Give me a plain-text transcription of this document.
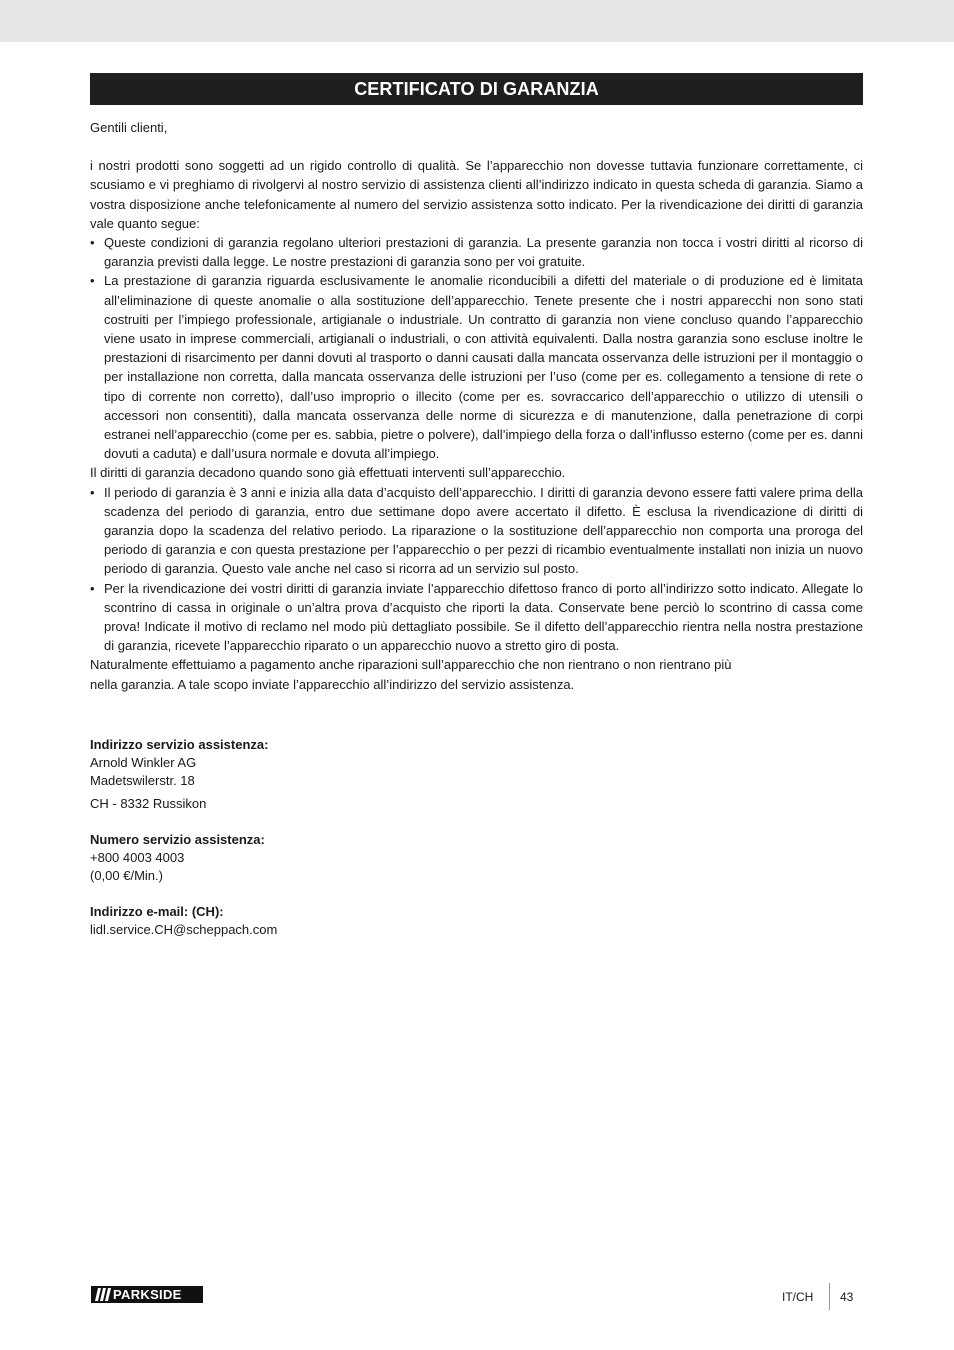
CERTIFICATO DI GARANZIA

Gentili clienti,

i nostri prodotti sono soggetti ad un rigido controllo di qualità. Se l’apparecchio non dovesse tuttavia funzionare correttamente, ci scusiamo e vi preghiamo di rivolgervi al nostro servizio di assistenza clienti all’indirizzo indicato in questa scheda di garanzia. Siamo a vostra disposizione anche telefonicamente al numero del servizio assistenza sotto indicato. Per la rivendicazione dei diritti di garanzia vale quanto segue:

• Queste condizioni di garanzia regolano ulteriori prestazioni di garanzia. La presente garanzia non tocca i vostri diritti al ricorso di garanzia previsti dalla legge. Le nostre prestazioni di garanzia sono per voi gratuite.
• La prestazione di garanzia riguarda esclusivamente le anomalie riconducibili a difetti del materiale o di produzione ed è limitata all’eliminazione di queste anomalie o alla sostituzione dell’apparecchio. Tenete presente che i nostri apparecchi non sono stati costruiti per l’impiego professionale, artigianale o industriale. Un contratto di garanzia non viene concluso quando l’apparecchio viene usato in imprese commerciali, artigianali o industriali, o con attività equivalenti. Dalla nostra garanzia sono escluse inoltre le prestazioni di risarcimento per danni dovuti al trasporto o danni causati dalla mancata osservanza delle istruzioni per il montaggio o per installazione non corretta, dalla mancata osservanza delle istruzioni per l’uso (come per es. collegamento a tensione di rete o tipo di corrente non corretto), dall’uso improprio o illecito (come per es. sovraccarico dell’apparecchio o utilizzo di utensili o accessori non consentiti), dalla mancata osservanza delle norme di sicurezza e di manutenzione, dalla penetrazione di corpi estranei nell’apparecchio (come per es. sabbia, pietre o polvere), dall’impiego della forza o dall’influsso esterno (come per es. danni dovuti a caduta) e dall’usura normale e dovuta all’impiego.

Il diritti di garanzia decadono quando sono già effettuati interventi sull’apparecchio.

• Il periodo di garanzia è 3 anni e inizia alla data d’acquisto dell’apparecchio. I diritti di garanzia devono essere fatti valere prima della scadenza del periodo di garanzia, entro due settimane dopo avere accertato il difetto. È esclusa la rivendicazione di diritti di garanzia dopo la scadenza del relativo periodo. La riparazione o la sostituzione dell’apparecchio non comporta una proroga del periodo di garanzia e con questa prestazione per l’apparecchio o per pezzi di ricambio eventualmente installati non inizia un nuovo periodo di garanzia. Questo vale anche nel caso si ricorra ad un servizio sul posto.
• Per la rivendicazione dei vostri diritti di garanzia inviate l’apparecchio difettoso franco di porto all’indirizzo sotto indicato. Allegate lo scontrino di cassa in originale o un’altra prova d’acquisto che riporti la data. Conservate bene perciò lo scontrino di cassa come prova! Indicate il motivo di reclamo nel modo più dettagliato possibile. Se il difetto dell’apparecchio rientra nella nostra prestazione di garanzia, ricevete l’apparecchio riparato o un apparecchio nuovo a stretto giro di posta.

Naturalmente effettuiamo a pagamento anche riparazioni sull’apparecchio che non rientrano o non rientrano più

nella garanzia. A tale scopo inviate l’apparecchio all’indirizzo del servizio assistenza.

Indirizzo servizio assistenza:
Arnold Winkler AG
Madetswilerstr. 18
CH - 8332 Russikon
Numero servizio assistenza:
+800 4003 4003
(0,00 €/Min.)
Indirizzo e-mail: (CH):
lidl.service.CH@scheppach.com
PARKSIDE	IT/CH 43
